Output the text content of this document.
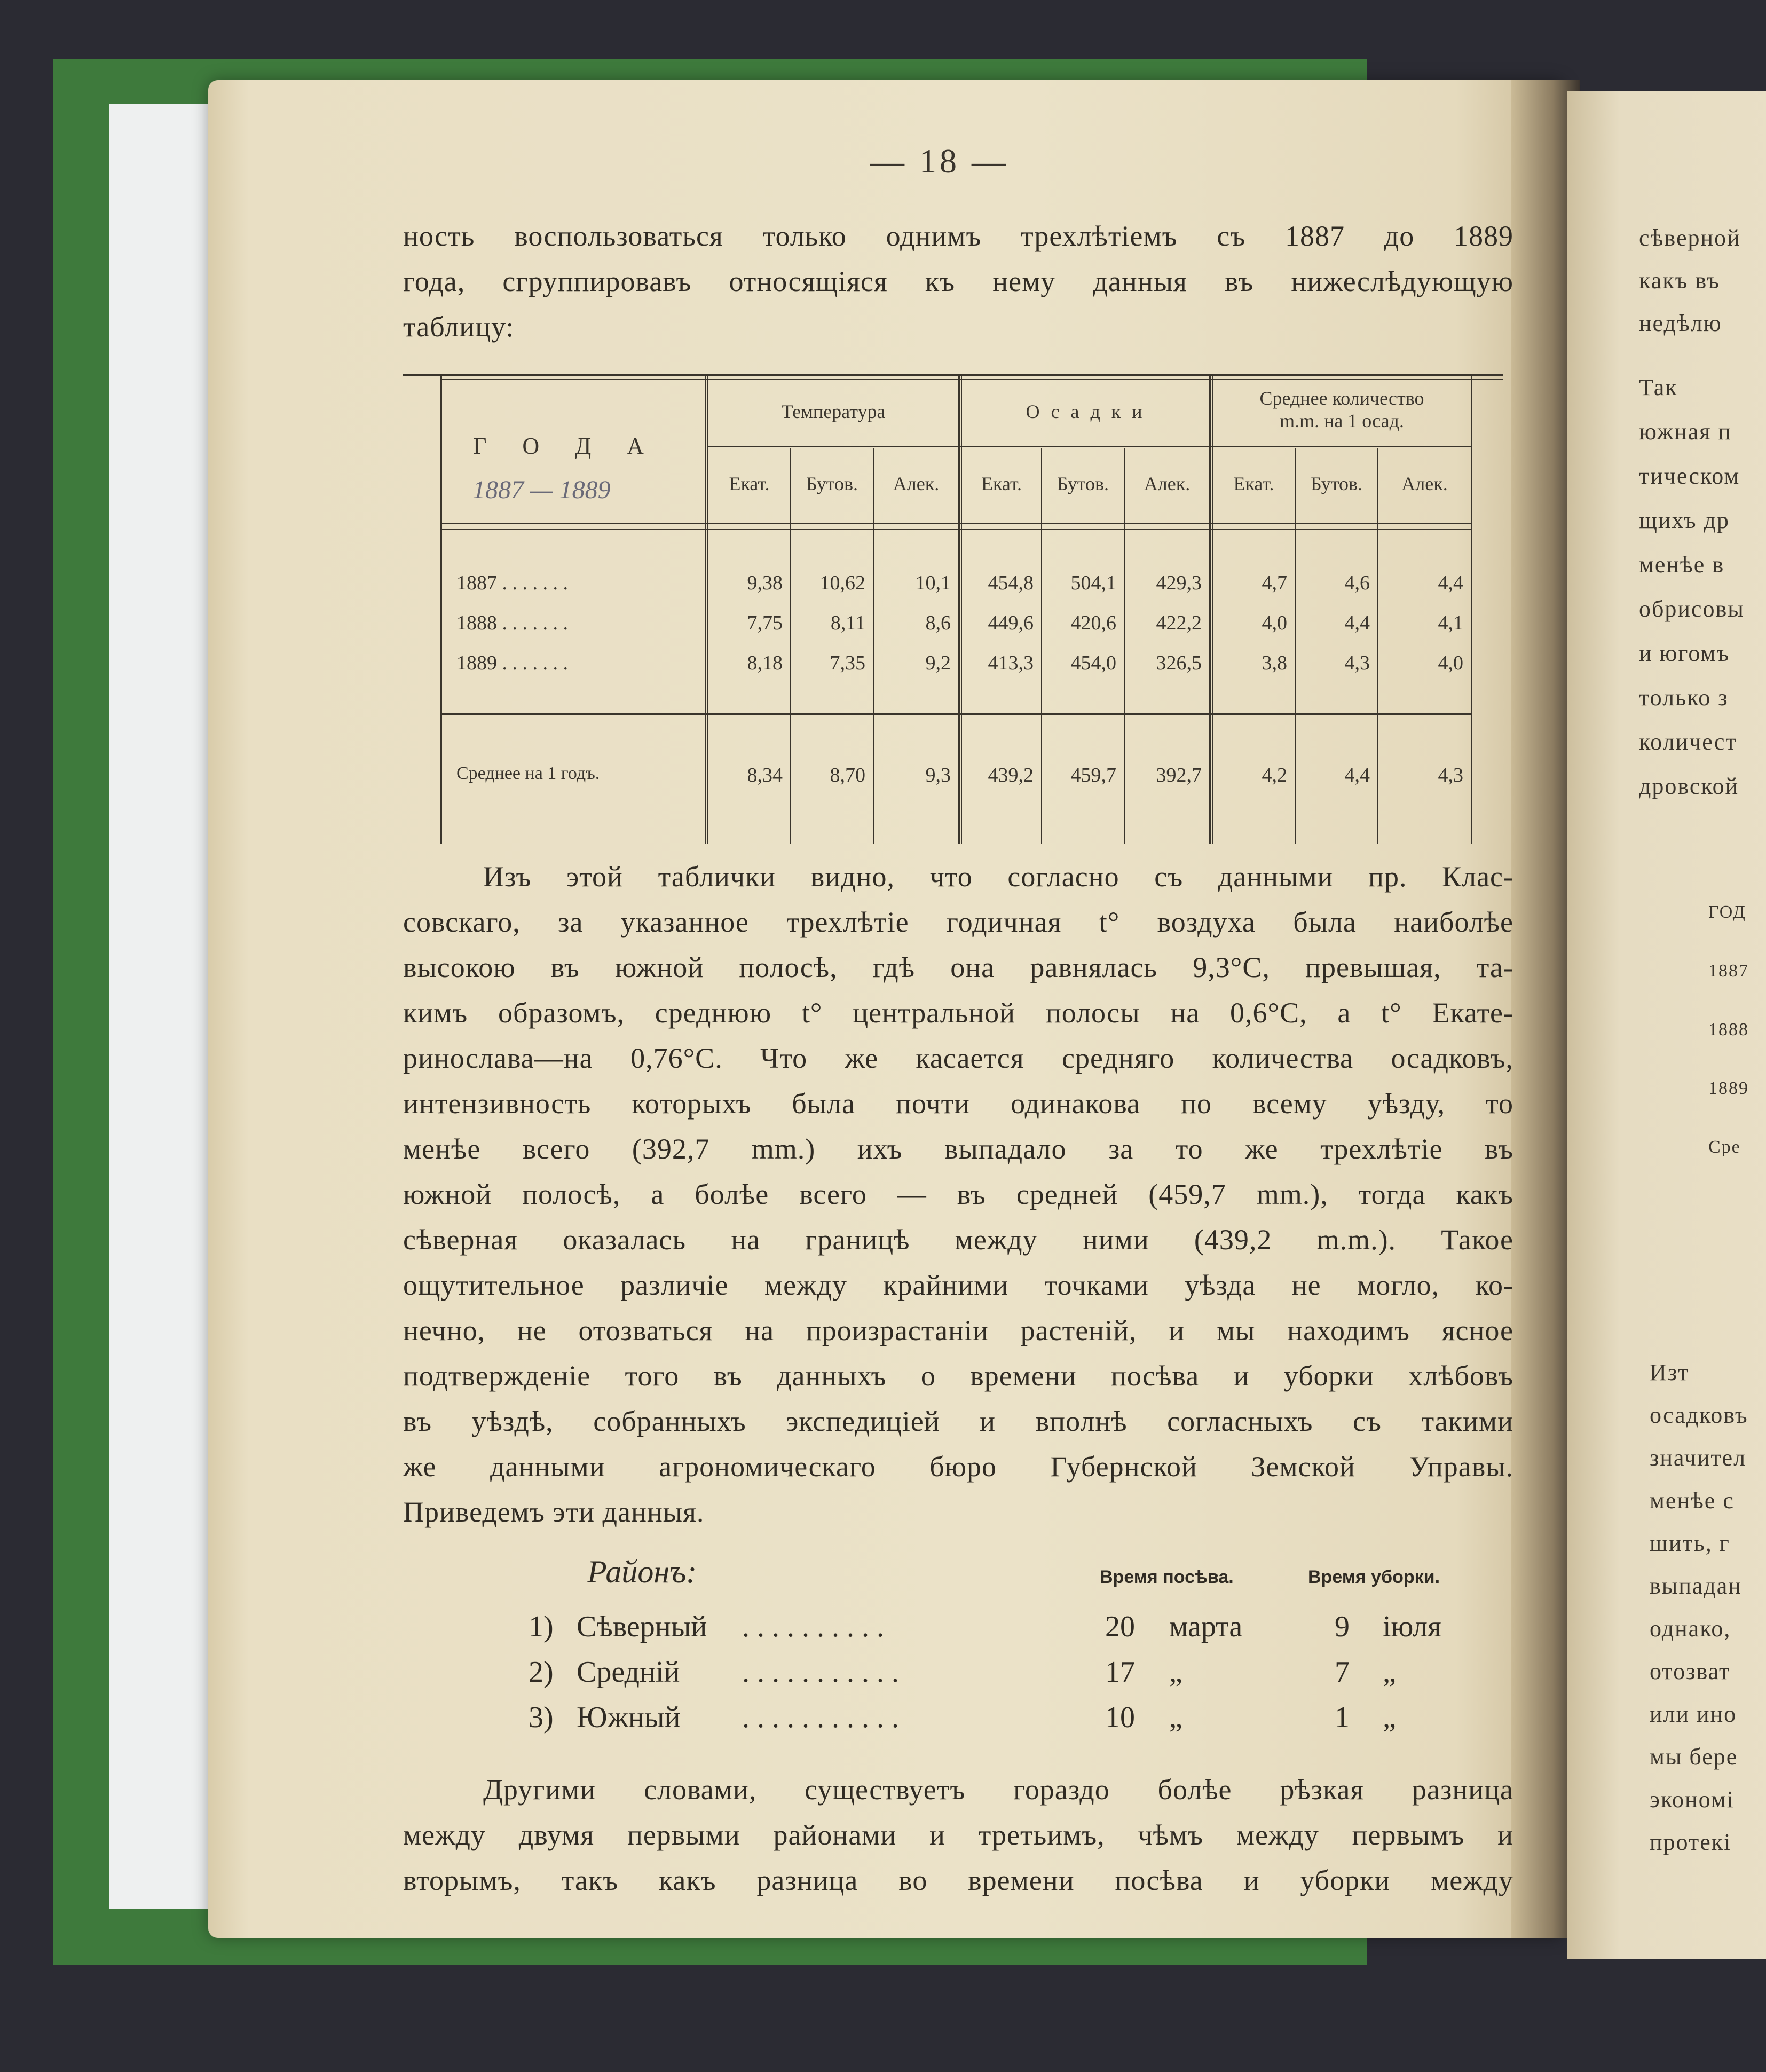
сѣверной
какъ въ
недѣлю
Так
южная п
тическом
щихъ др
менѣе в
обрисовы
и югомъ
только з
количест
дровской
ГОД
1887
1888
1889
Сре
Изт
осадковъ
значител
менѣе с
шить, г
выпадан
однако,
отозват
или ино
мы бере
экономі
протекі
— 18 —
ность воспользоваться только однимъ трехлѣтіемъ съ 1887 до 1889
года, сгруппировавъ относящіяся къ нему данныя въ нижеслѣдующую
таблицу:
Г О Д А
1887 — 1889
Температура	О с а д к и
Среднее количество
m.m. на 1 осад.
Екат.	Бутов.	Алек.	Екат.	Бутов.	Алек.	Екат.	Бутов.	Алек.
1887 . . . . . . .	9,38	10,62	10,1	454,8	504,1	429,3	4,7	4,6	4,4
1888 . . . . . . .	7,75	8,11	8,6	449,6	420,6	422,2	4,0	4,4	4,1
1889 . . . . . . .	8,18	7,35	9,2	413,3	454,0	326,5	3,8	4,3	4,0
Среднее на 1 годъ.	8,34	8,70	9,3	439,2	459,7	392,7	4,2	4,4	4,3
Изъ этой таблички видно, что согласно съ данными пр. Клас-
совскаго, за указанное трехлѣтіе годичная t° воздуха была наиболѣе
высокою въ южной полосѣ, гдѣ она равнялась 9,3°С, превышая, та-
кимъ образомъ, среднюю t° центральной полосы на 0,6°С, а t° Екате-
ринослава—на 0,76°С. Что же касается средняго количества осадковъ,
интензивность которыхъ была почти одинакова по всему уѣзду, то
менѣе всего (392,7 mm.) ихъ выпадало за то же трехлѣтіе въ
южной полосѣ, а болѣе всего — въ средней (459,7 mm.), тогда какъ
сѣверная оказалась на границѣ между ними (439,2 m.m.). Такое
ощутительное различіе между крайними точками уѣзда не могло, ко-
нечно, не отозваться на произрастаніи растеній, и мы находимъ ясное
подтвержденіе того въ данныхъ о времени посѣва и уборки хлѣбовъ
въ уѣздѣ, собранныхъ экспедиціей и вполнѣ согласныхъ съ такими
же данными агрономическаго бюро Губернской Земской Управы.
Приведемъ эти данныя.
Районъ:	Время посѣва.	Время уборки.
1) Сѣверный . . . . . . . . . .	20 марта	9 іюля
2) Средній . . . . . . . . . . .	17 „	7 „
3) Южный . . . . . . . . . . .	10 „	1 „
Другими словами, существуетъ гораздо болѣе рѣзкая разница
между двумя первыми районами и третьимъ, чѣмъ между первымъ и
вторымъ, такъ какъ разница во времени посѣва и уборки между
